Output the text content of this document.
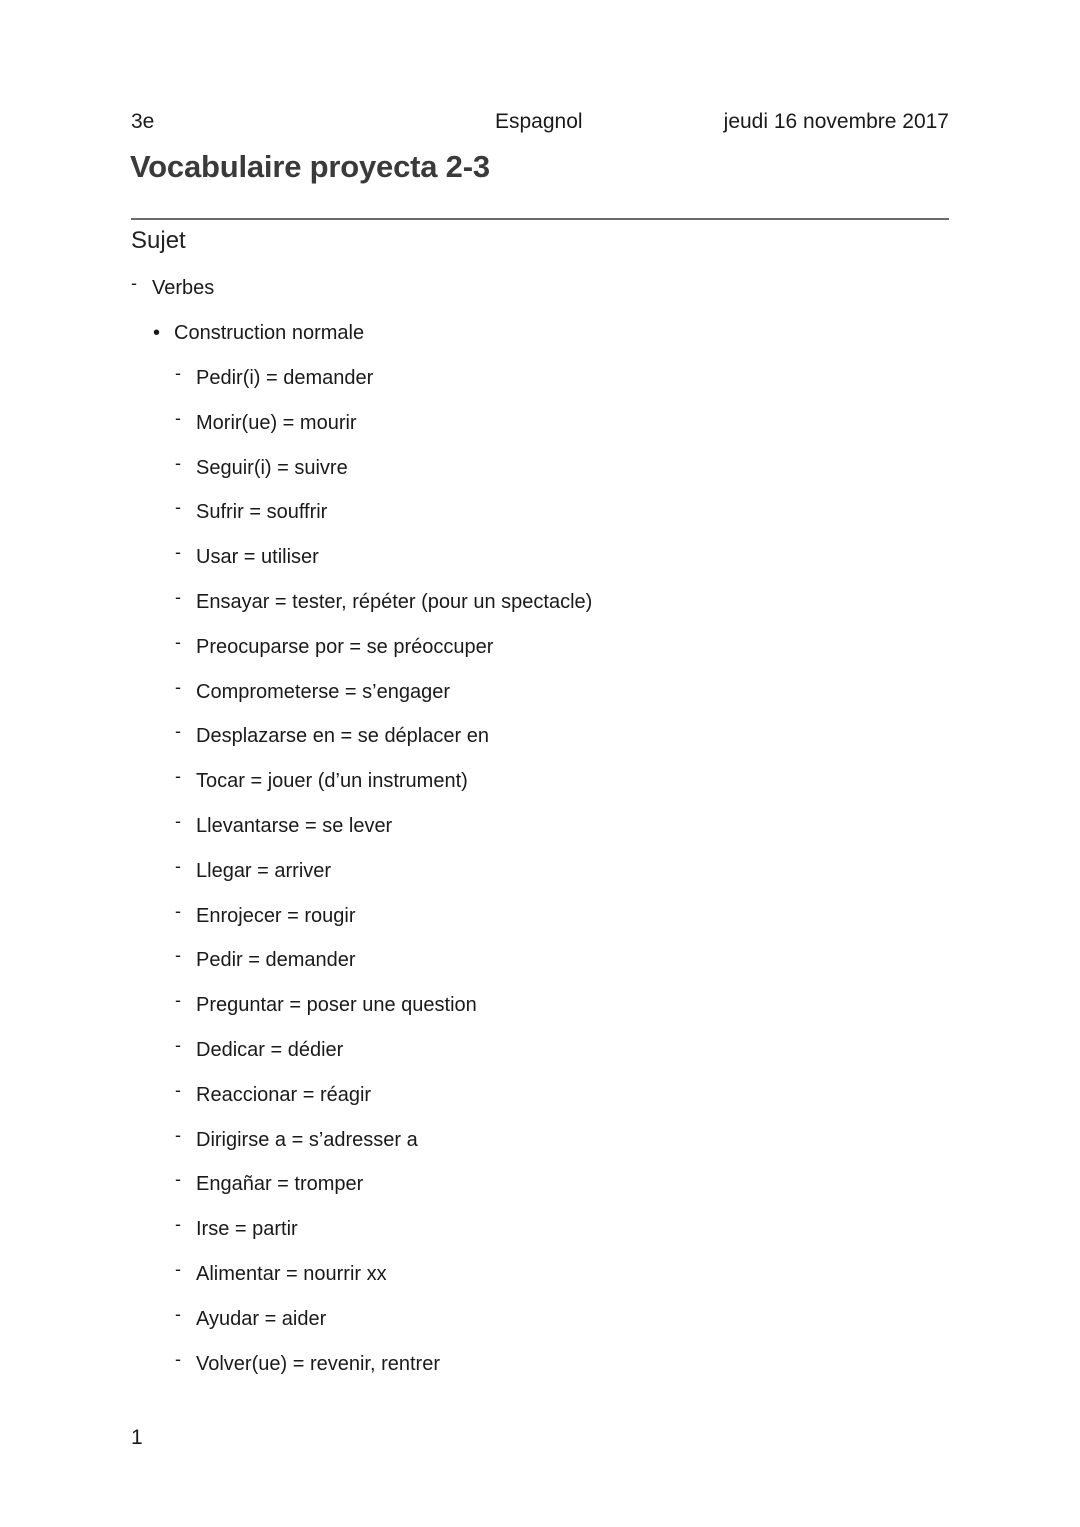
3e	Espagnol	jeudi 16 novembre 2017
Vocabulaire proyecta 2-3
Sujet
- Verbes
• Construction normale
- Pedir(i) = demander
- Morir(ue) = mourir
- Seguir(i) = suivre
- Sufrir = souffrir
- Usar = utiliser
- Ensayar = tester, répéter (pour un spectacle)
- Preocuparse por = se préoccuper
- Comprometerse = s’engager
- Desplazarse en = se déplacer en
- Tocar = jouer (d’un instrument)
- Llevantarse = se lever
- Llegar = arriver
- Enrojecer = rougir
- Pedir = demander
- Preguntar = poser une question
- Dedicar = dédier
- Reaccionar = réagir
- Dirigirse a = s’adresser a
- Engañar = tromper
- Irse = partir
- Alimentar = nourrir xx
- Ayudar = aider
- Volver(ue) = revenir, rentrer
1
